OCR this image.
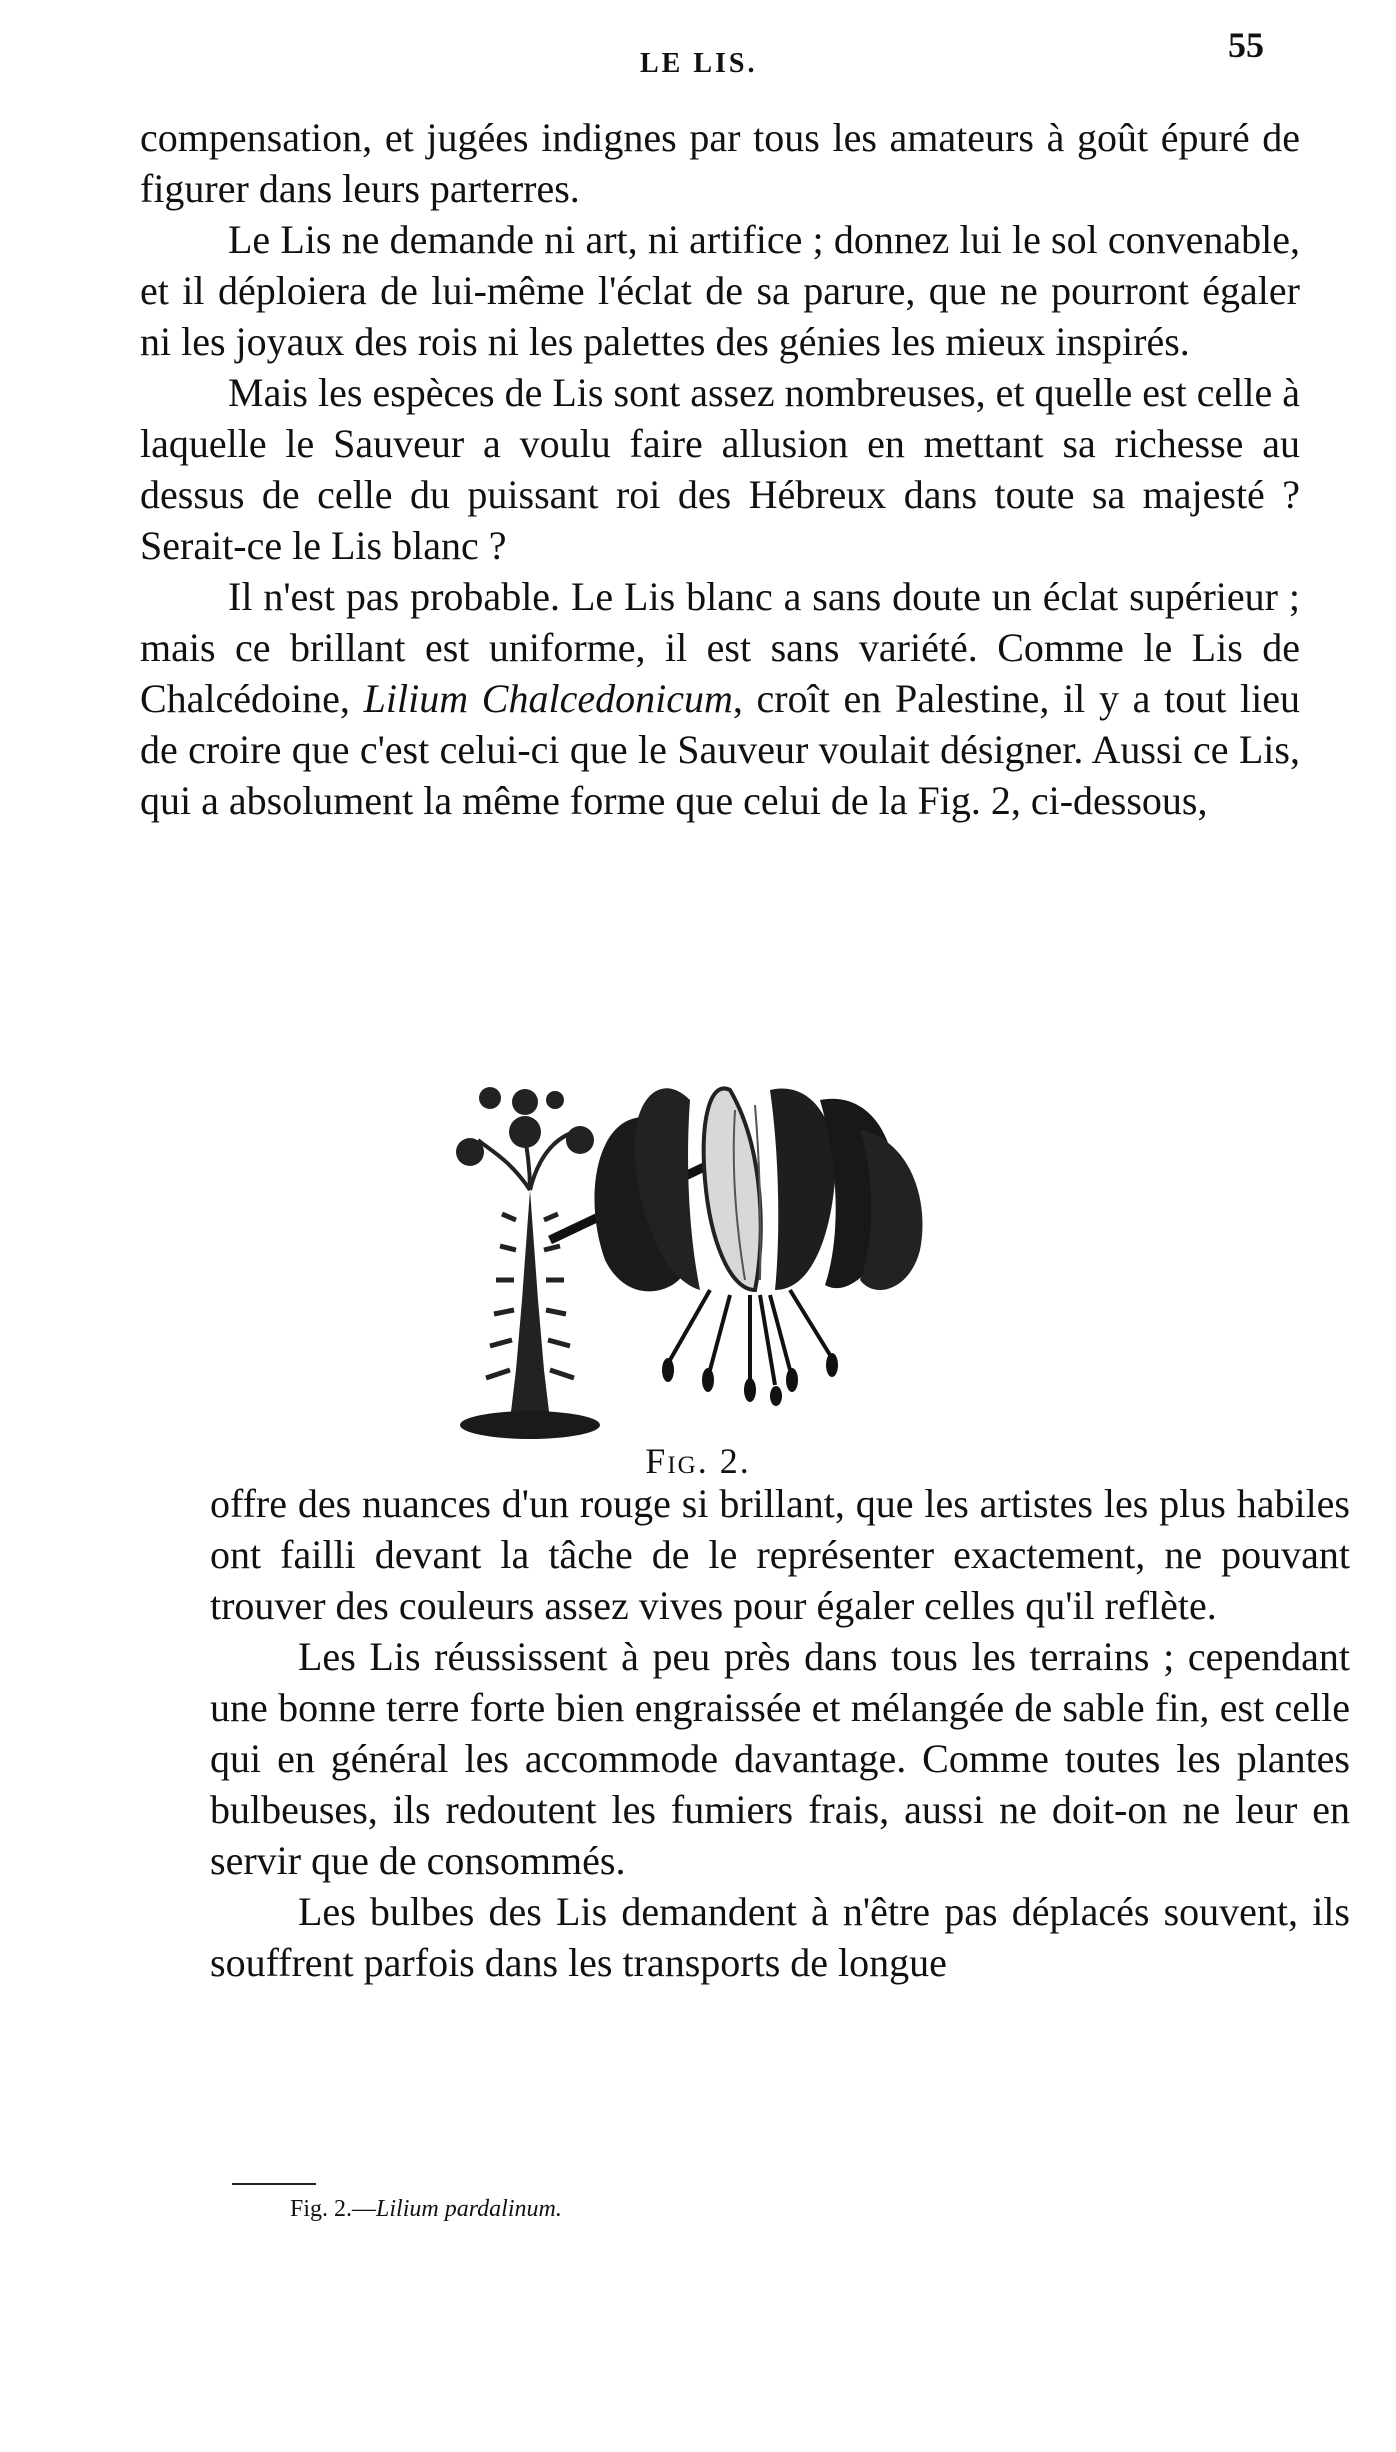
LE LIS.	55

compensation, et jugées indignes par tous les amateurs à goût épuré de figurer dans leurs parterres.

Le Lis ne demande ni art, ni artifice ; donnez lui le sol convenable, et il déploiera de lui-même l'éclat de sa parure, que ne pourront égaler ni les joyaux des rois ni les palettes des génies les mieux inspirés.

Mais les espèces de Lis sont assez nombreuses, et quelle est celle à laquelle le Sauveur a voulu faire allusion en mettant sa richesse au dessus de celle du puissant roi des Hébreux dans toute sa majesté ? Serait-ce le Lis blanc ?

Il n'est pas probable. Le Lis blanc a sans doute un éclat supérieur ; mais ce brillant est uniforme, il est sans variété. Comme le Lis de Chalcédoine, Lilium Chalcedonicum, croît en Palestine, il y a tout lieu de croire que c'est celui-ci que le Sauveur voulait désigner. Aussi ce Lis, qui a absolument la même forme que celui de la Fig. 2, ci-dessous,

Fig. 2.

offre des nuances d'un rouge si brillant, que les artistes les plus habiles ont failli devant la tâche de le représenter exactement, ne pouvant trouver des couleurs assez vives pour égaler celles qu'il reflète.

Les Lis réussissent à peu près dans tous les terrains ; cependant une bonne terre forte bien engraissée et mélangée de sable fin, est celle qui en général les accommode davantage. Comme toutes les plantes bulbeuses, ils redoutent les fumiers frais, aussi ne doit-on ne leur en servir que de consommés.

Les bulbes des Lis demandent à n'être pas déplacés souvent, ils souffrent parfois dans les transports de longue

Fig. 2.—Lilium pardalinum.
